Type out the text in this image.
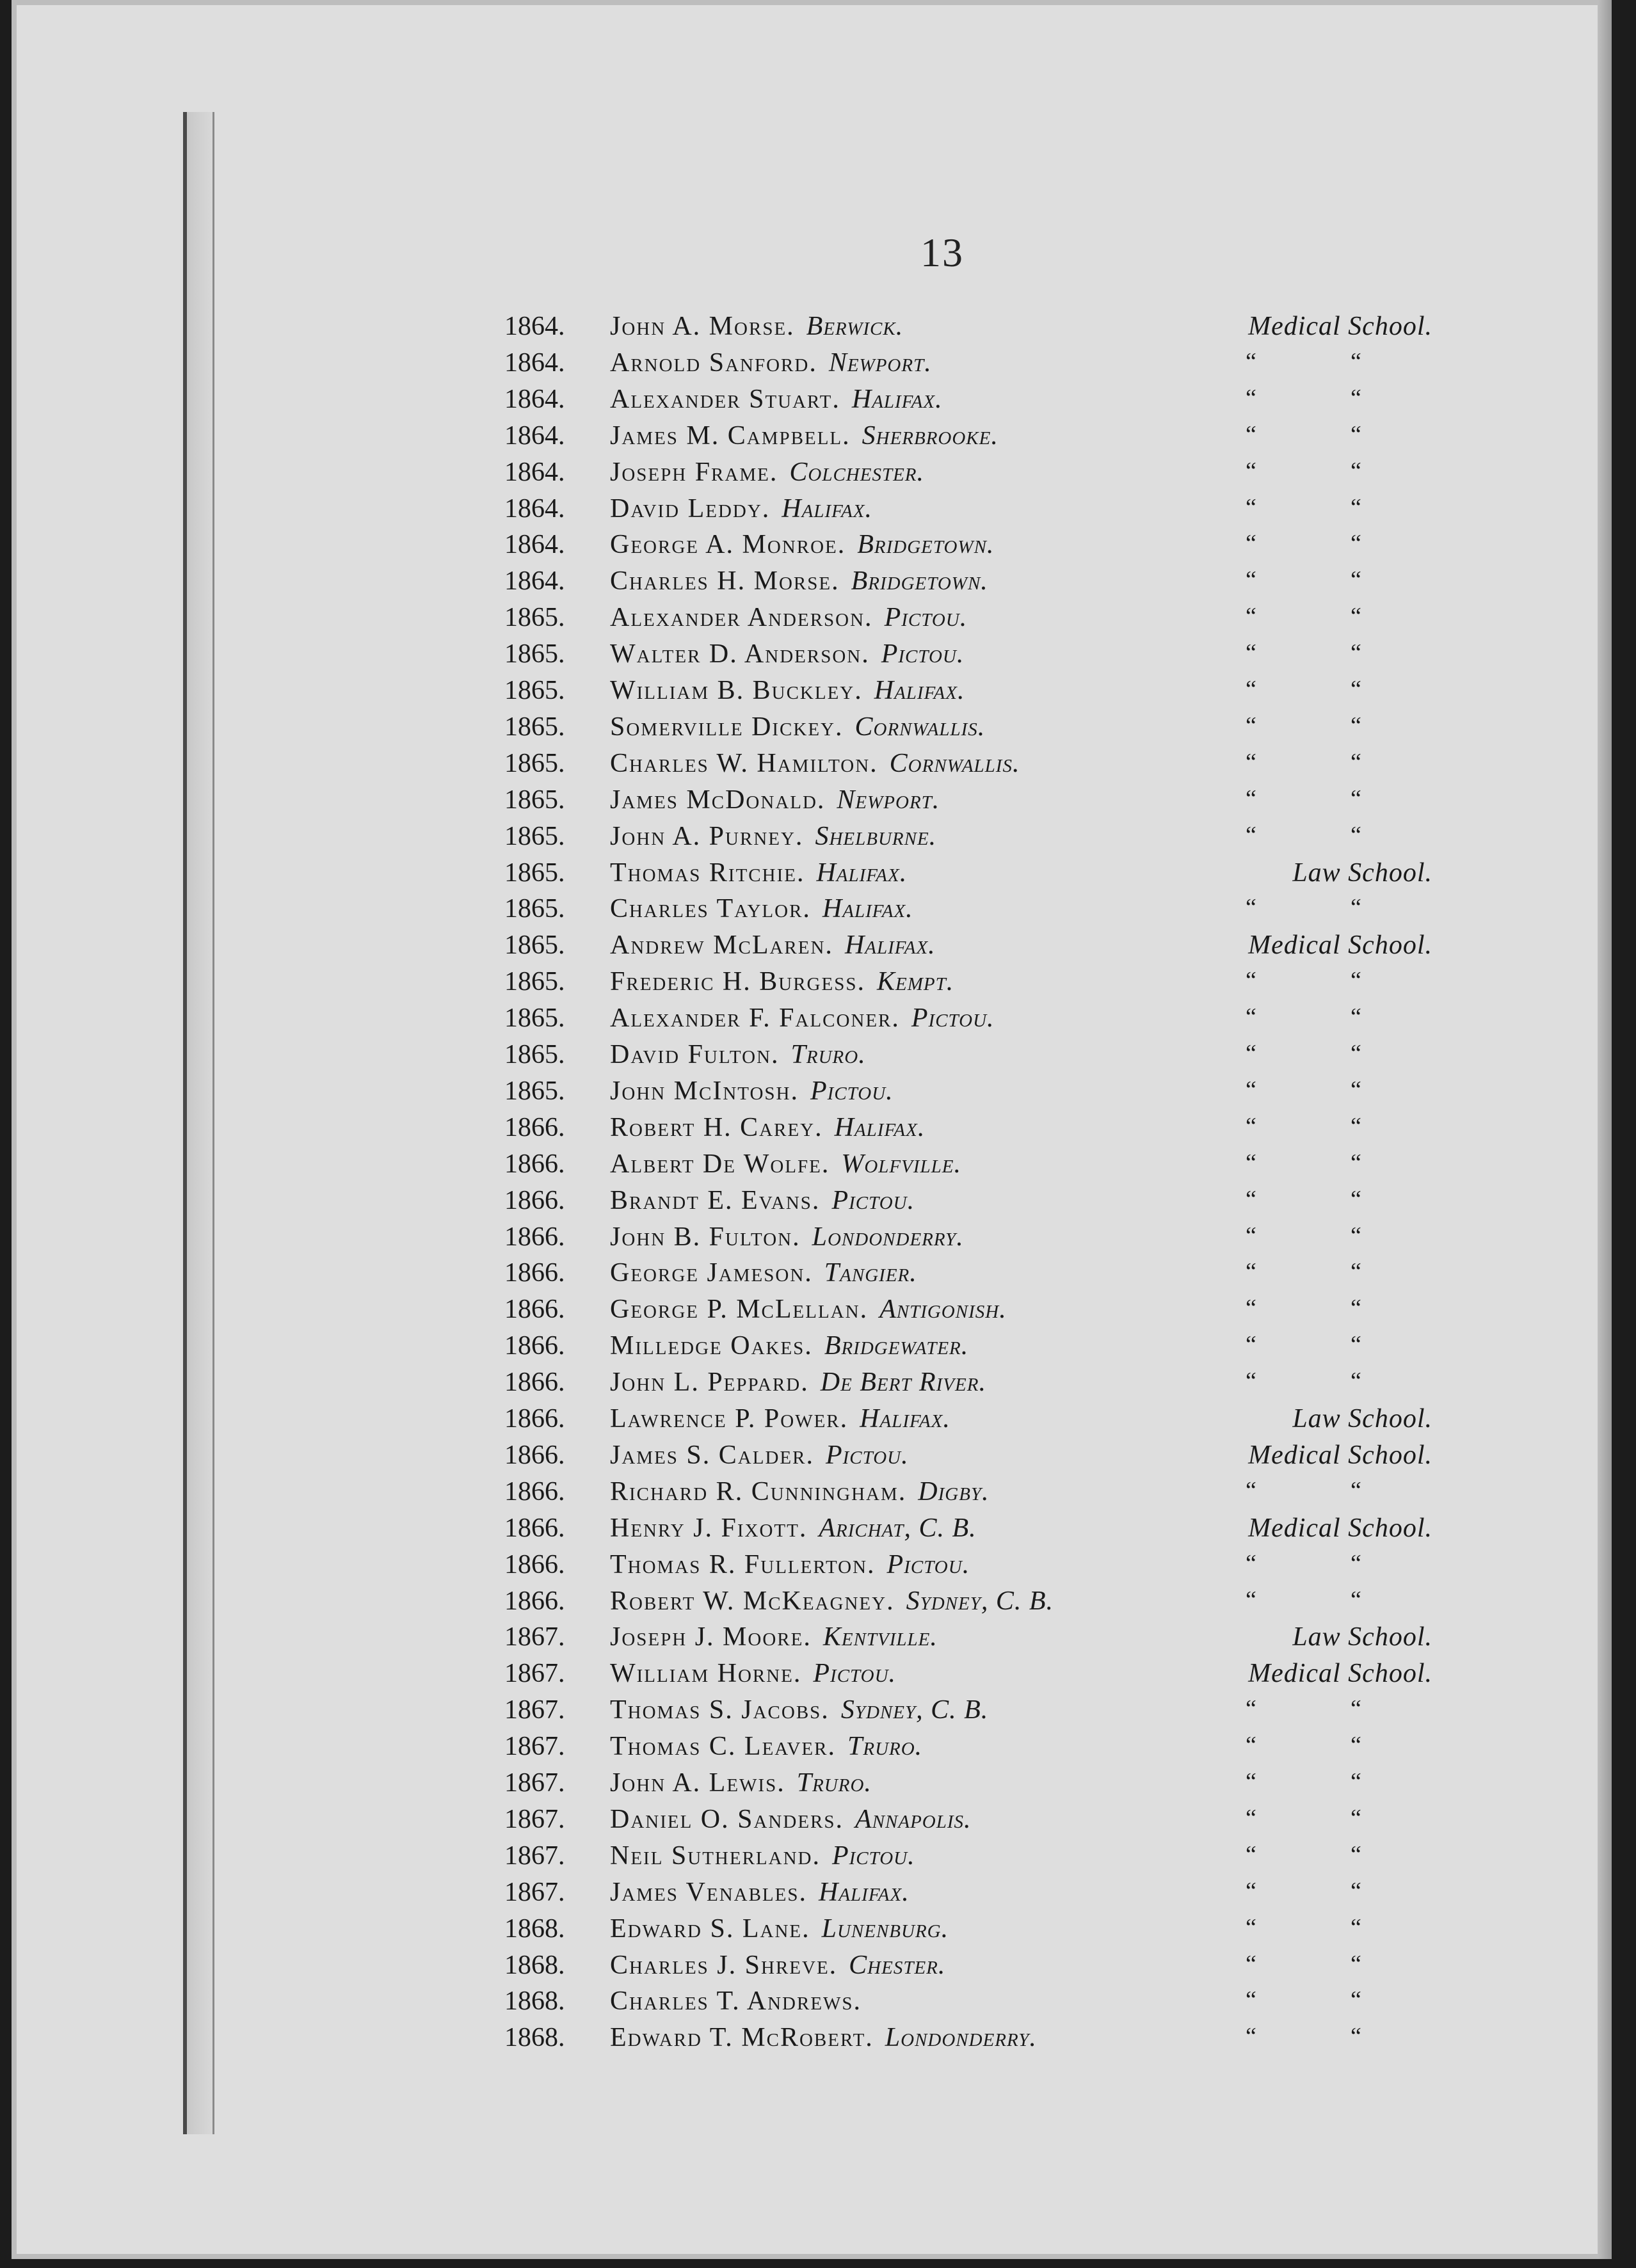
13
1864. John A. Morse. Berwick.	Medical School.
1864. Arnold Sanford. Newport.	“	“
1864. Alexander Stuart. Halifax.	“	“
1864. James M. Campbell. Sherbrooke.	“	“
1864. Joseph Frame. Colchester.	“	“
1864. David Leddy. Halifax.	“	“
1864. George A. Monroe. Bridgetown.	“	“
1864. Charles H. Morse. Bridgetown.	“	“
1865. Alexander Anderson. Pictou.	“	“
1865. Walter D. Anderson. Pictou.	“	“
1865. William B. Buckley. Halifax.	“	“
1865. Somerville Dickey. Cornwallis.	“	“
1865. Charles W. Hamilton. Cornwallis.	“	“
1865. James McDonald. Newport.	“	“
1865. John A. Purney. Shelburne.	“	“
1865. Thomas Ritchie. Halifax.	Law School.
1865. Charles Taylor. Halifax.	“	“
1865. Andrew McLaren. Halifax.	Medical School.
1865. Frederic H. Burgess. Kempt.	“	“
1865. Alexander F. Falconer. Pictou.	“	“
1865. David Fulton. Truro.	“	“
1865. John McIntosh. Pictou.	“	“
1866. Robert H. Carey. Halifax.	“	“
1866. Albert De Wolfe. Wolfville.	“	“
1866. Brandt E. Evans. Pictou.	“	“
1866. John B. Fulton. Londonderry.	“	“
1866. George Jameson. Tangier.	“	“
1866. George P. McLellan. Antigonish.	“	“
1866. Milledge Oakes. Bridgewater.	“	“
1866. John L. Peppard. De Bert River.	“	“
1866. Lawrence P. Power. Halifax.	Law School.
1866. James S. Calder. Pictou.	Medical School.
1866. Richard R. Cunningham. Digby.	“	“
1866. Henry J. Fixott. Arichat, C. B.	Medical School.
1866. Thomas R. Fullerton. Pictou.	“	“
1866. Robert W. McKeagney. Sydney, C. B.	“	“
1867. Joseph J. Moore. Kentville.	Law School.
1867. William Horne. Pictou.	Medical School.
1867. Thomas S. Jacobs. Sydney, C. B.	“	“
1867. Thomas C. Leaver. Truro.	“	“
1867. John A. Lewis. Truro.	“	“
1867. Daniel O. Sanders. Annapolis.	“	“
1867. Neil Sutherland. Pictou.	“	“
1867. James Venables. Halifax.	“	“
1868. Edward S. Lane. Lunenburg.	“	“
1868. Charles J. Shreve. Chester.	“	“
1868. Charles T. Andrews.	“	“
1868. Edward T. McRobert. Londonderry.	“	“
